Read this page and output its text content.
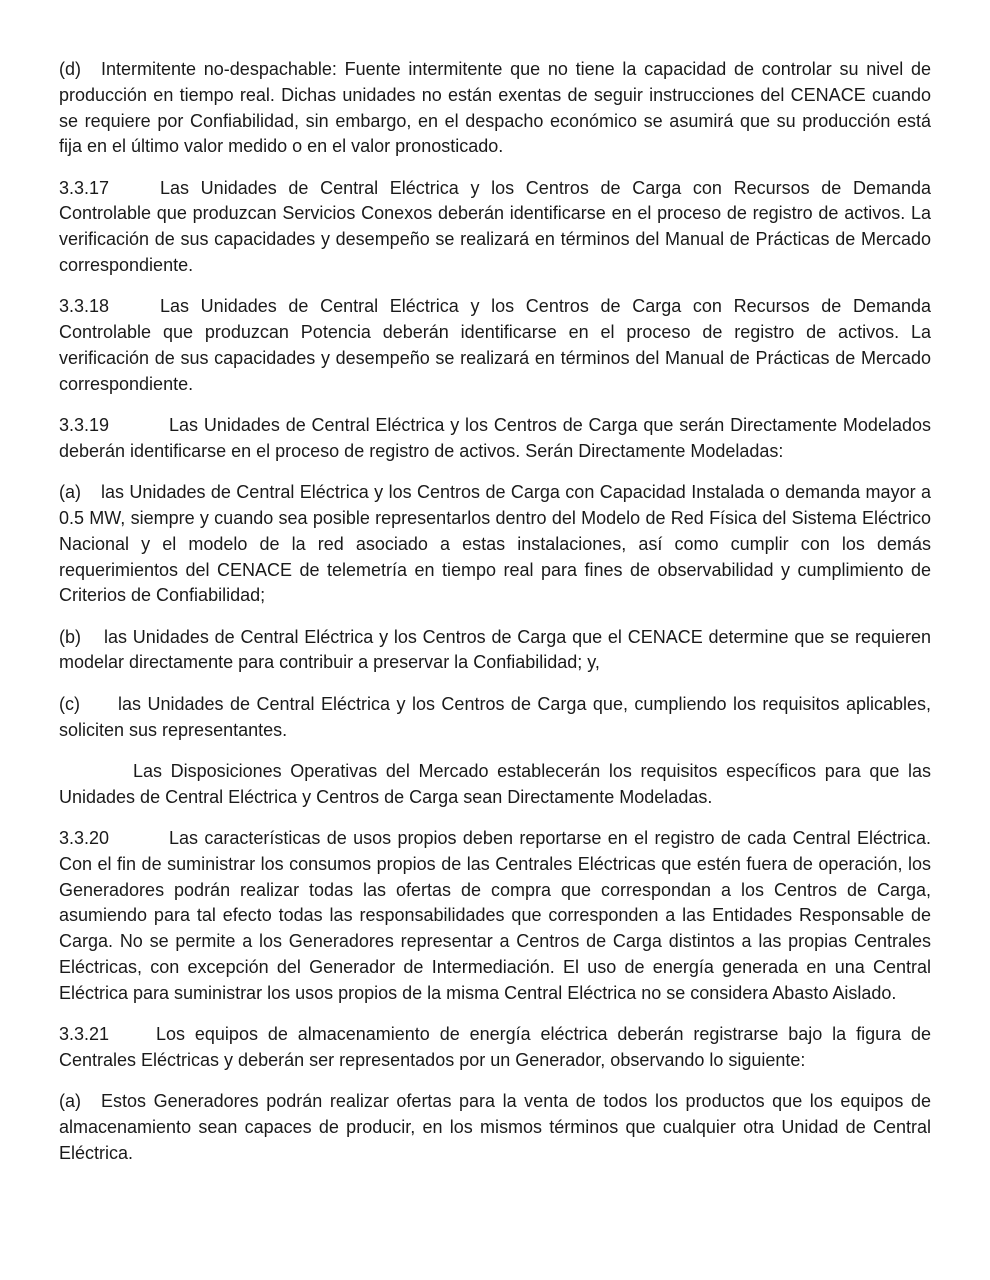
(d) Intermitente no-despachable: Fuente intermitente que no tiene la capacidad de controlar su nivel de producción en tiempo real. Dichas unidades no están exentas de seguir instrucciones del CENACE cuando se requiere por Confiabilidad, sin embargo, en el despacho económico se asumirá que su producción está fija en el último valor medido o en el valor pronosticado.

3.3.17	Las Unidades de Central Eléctrica y los Centros de Carga con Recursos de Demanda Controlable que produzcan Servicios Conexos deberán identificarse en el proceso de registro de activos. La verificación de sus capacidades y desempeño se realizará en términos del Manual de Prácticas de Mercado correspondiente.

3.3.18	Las Unidades de Central Eléctrica y los Centros de Carga con Recursos de Demanda Controlable que produzcan Potencia deberán identificarse en el proceso de registro de activos. La verificación de sus capacidades y desempeño se realizará en términos del Manual de Prácticas de Mercado correspondiente.

3.3.19	Las Unidades de Central Eléctrica y los Centros de Carga que serán Directamente Modelados deberán identificarse en el proceso de registro de activos. Serán Directamente Modeladas:

(a) las Unidades de Central Eléctrica y los Centros de Carga con Capacidad Instalada o demanda mayor a 0.5 MW, siempre y cuando sea posible representarlos dentro del Modelo de Red Física del Sistema Eléctrico Nacional y el modelo de la red asociado a estas instalaciones, así como cumplir con los demás requerimientos del CENACE de telemetría en tiempo real para fines de observabilidad y cumplimiento de Criterios de Confiabilidad;

(b) las Unidades de Central Eléctrica y los Centros de Carga que el CENACE determine que se requieren modelar directamente para contribuir a preservar la Confiabilidad; y,

(c) las Unidades de Central Eléctrica y los Centros de Carga que, cumpliendo los requisitos aplicables, soliciten sus representantes.

Las Disposiciones Operativas del Mercado establecerán los requisitos específicos para que las Unidades de Central Eléctrica y Centros de Carga sean Directamente Modeladas.

3.3.20	Las características de usos propios deben reportarse en el registro de cada Central Eléctrica. Con el fin de suministrar los consumos propios de las Centrales Eléctricas que estén fuera de operación, los Generadores podrán realizar todas las ofertas de compra que correspondan a los Centros de Carga, asumiendo para tal efecto todas las responsabilidades que corresponden a las Entidades Responsable de Carga. No se permite a los Generadores representar a Centros de Carga distintos a las propias Centrales Eléctricas, con excepción del Generador de Intermediación. El uso de energía generada en una Central Eléctrica para suministrar los usos propios de la misma Central Eléctrica no se considera Abasto Aislado.

3.3.21	Los equipos de almacenamiento de energía eléctrica deberán registrarse bajo la figura de Centrales Eléctricas y deberán ser representados por un Generador, observando lo siguiente:

(a) Estos Generadores podrán realizar ofertas para la venta de todos los productos que los equipos de almacenamiento sean capaces de producir, en los mismos términos que cualquier otra Unidad de Central Eléctrica.
